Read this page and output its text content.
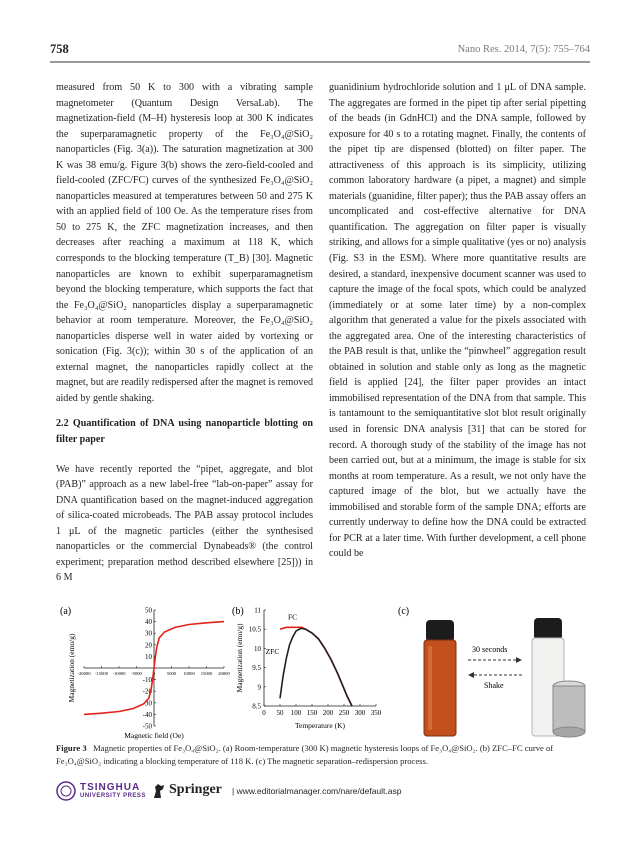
758	Nano Res. 2014, 7(5): 755–764

measured from 50 K to 300 with a vibrating sample magnetometer (Quantum Design VersaLab). The magnetization-field (M–H) hysteresis loop at 300 K indicates the superparamagnetic property of the Fe₃O₄@SiO₂ nanoparticles (Fig. 3(a)). The saturation magnetization at 300 K was 38 emu/g. Figure 3(b) shows the zero-field-cooled and field-cooled (ZFC/FC) curves of the synthesized Fe₃O₄@SiO₂ nanoparticles measured at temperatures between 50 and 275 K with an applied field of 100 Oe. As the temperature rises from 50 to 275 K, the ZFC magnetization increases, and then decreases after reaching a maximum at 118 K, which corresponds to the blocking temperature (T_B) [30]. Magnetic nanoparticles are known to exhibit superparamagnetism beyond the blocking temperature, which supports the fact that the Fe₃O₄@SiO₂ nanoparticles display a superparamagnetic behavior at room temperature. Moreover, the Fe₃O₄@SiO₂ nanoparticles disperse well in water aided by vortexing or sonication (Fig. 3(c)); within 30 s of the application of an external magnet, the nanoparticles rapidly collect at the magnet, but are readily redispersed after the magnet is removed aided by gentle shaking.

2.2 Quantification of DNA using nanoparticle blotting on filter paper

We have recently reported the “pipet, aggregate, and blot (PAB)” approach as a new label-free “lab-on-paper” assay for DNA quantification based on the magnet-induced aggregation of silica-coated microbeads. The PAB assay protocol includes 1 μL of the magnetic particles (either the synthesised nanoparticles or the commercial Dynabeads® (the control experiment; preparation method described elsewhere [25])) in 6 M

guanidinium hydrochloride solution and 1 μL of DNA sample. The aggregates are formed in the pipet tip after serial pipetting of the beads (in GdnHCl) and the DNA sample, followed by exposure for 40 s to a rotating magnet. Finally, the contents of the pipet tip are dispensed (blotted) on filter paper. The attractiveness of this approach is its simplicity, utilizing common laboratory hardware (a pipet, a magnet) and simple materials (guanidine, filter paper); thus the PAB assay offers an uncomplicated and cost-effective alternative for DNA quantification. The aggregation on filter paper is visually striking, and allows for a simple qualitative (yes or no) analysis (Fig. S3 in the ESM). Where more quantitative results are desired, a standard, inexpensive document scanner was used to capture the image of the focal spots, which could be analyzed (immediately or at some later time) by a non-complex algorithm that generated a value for the pixels associated with the aggregated area. One of the interesting characteristics of the PAB result is that, unlike the “pinwheel” aggregation result obtained in solution and stable only as long as the magnetic field is applied [24], the filter paper provides an intact immobilised representation of the DNA from that sample. This is tantamount to the semiquantitative slot blot result originally used in forensic DNA analysis [31] that can be stored for record. A thorough study of the stability of the image has not been carried out, but at a minimum, the image is stable for six months at room temperature. As a result, we not only have the captured image of the blot, but we actually have the immobilised and storable form of the sample DNA; efforts are currently underway to define how the DNA could be extracted for PCR at a later time. With further development, a cell phone could be

(a)	(b)	(c)
-20000 -15000 -10000 -5000 0	5000 10000 15000 20000
-50
-40
-30
-20
-10
10
20
30
40
50
Magnetic field (Oe)
Magnetization (emu/g)
0 50 100 150 200 250 300 350
8.5
9
9.5
10
10.5
11
FC
ZFC
Temperature (K)
Magnetization (emu/g)	30 seconds
Shake
Figure 3 Magnetic properties of Fe₃O₄@SiO₂. (a) Room-temperature (300 K) magnetic hysteresis loops of Fe₃O₄@SiO₂. (b) ZFC–FC curve of Fe₃O₄@SiO₂ indicating a blocking temperature of 118 K. (c) The magnetic separation–redispersion process.
TSINGHUA
UNIVERSITY PRESS Springer | www.editorialmanager.com/nare/default.asp
